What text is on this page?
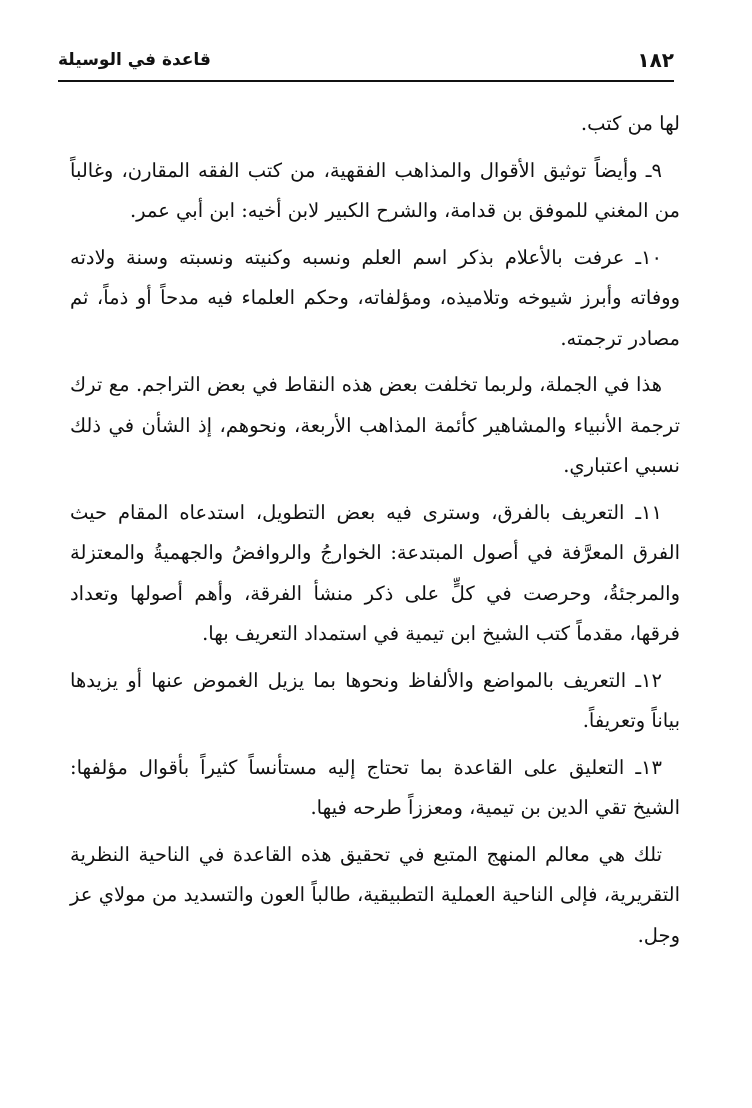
١٨٢
قاعدة في الوسيلة

لها من كتب.

٩ـ وأيضاً توثيق الأقوال والمذاهب الفقهية، من كتب الفقه المقارن، وغالباً من المغني للموفق بن قدامة، والشرح الكبير لابن أخيه: ابن أبي عمر.

١٠ـ عرفت بالأعلام بذكر اسم العلم ونسبه وكنيته ونسبته وسنة ولادته ووفاته وأبرز شيوخه وتلاميذه، ومؤلفاته، وحكم العلماء فيه مدحاً أو ذماً، ثم مصادر ترجمته.

هذا في الجملة، ولربما تخلفت بعض هذه النقاط في بعض التراجم. مع ترك ترجمة الأنبياء والمشاهير كأئمة المذاهب الأربعة، ونحوهم، إذ الشأن في ذلك نسبي اعتباري.

١١ـ التعريف بالفرق، وسترى فيه بعض التطويل، استدعاه المقام حيث الفرق المعرَّفة في أصول المبتدعة: الخوارجُ والروافضُ والجهميةُ والمعتزلة والمرجئةُ، وحرصت في كلٍّ على ذكر منشأ الفرقة، وأهم أصولها وتعداد فرقها، مقدماً كتب الشيخ ابن تيمية في استمداد التعريف بها.

١٢ـ التعريف بالمواضع والألفاظ ونحوها بما يزيل الغموض عنها أو يزيدها بياناً وتعريفاً.

١٣ـ التعليق على القاعدة بما تحتاج إليه مستأنساً كثيراً بأقوال مؤلفها: الشيخ تقي الدين بن تيمية، ومعززاً طرحه فيها.

تلك هي معالم المنهج المتبع في تحقيق هذه القاعدة في الناحية النظرية التقريرية، فإلى الناحية العملية التطبيقية، طالباً العون والتسديد من مولاي عز وجل.
